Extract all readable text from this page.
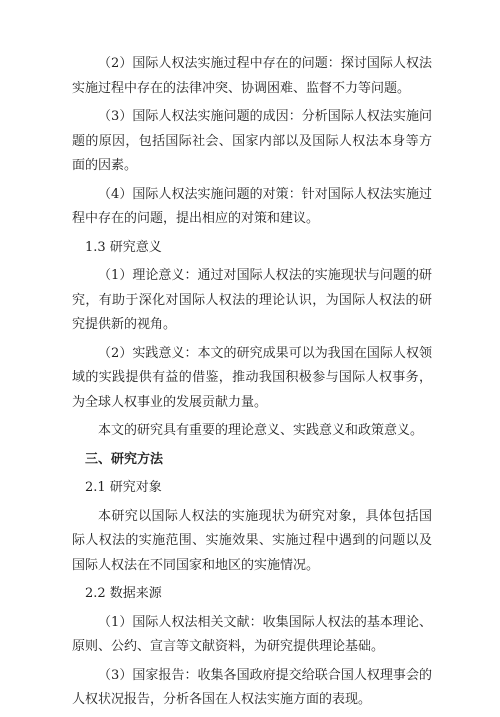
（2）国际人权法实施过程中存在的问题：探讨国际人权法实施过程中存在的法律冲突、协调困难、监督不力等问题。

（3）国际人权法实施问题的成因：分析国际人权法实施问题的原因，包括国际社会、国家内部以及国际人权法本身等方面的因素。

（4）国际人权法实施问题的对策：针对国际人权法实施过程中存在的问题，提出相应的对策和建议。

1.3 研究意义

（1）理论意义：通过对国际人权法的实施现状与问题的研究，有助于深化对国际人权法的理论认识，为国际人权法的研究提供新的视角。

（2）实践意义：本文的研究成果可以为我国在国际人权领域的实践提供有益的借鉴，推动我国积极参与国际人权事务，为全球人权事业的发展贡献力量。

本文的研究具有重要的理论意义、实践意义和政策意义。

三、研究方法

2.1 研究对象

本研究以国际人权法的实施现状为研究对象，具体包括国际人权法的实施范围、实施效果、实施过程中遇到的问题以及国际人权法在不同国家和地区的实施情况。

2.2 数据来源

（1）国际人权法相关文献：收集国际人权法的基本理论、原则、公约、宣言等文献资料，为研究提供理论基础。

（3）国家报告：收集各国政府提交给联合国人权理事会的人权状况报告，分析各国在人权法实施方面的表现。
